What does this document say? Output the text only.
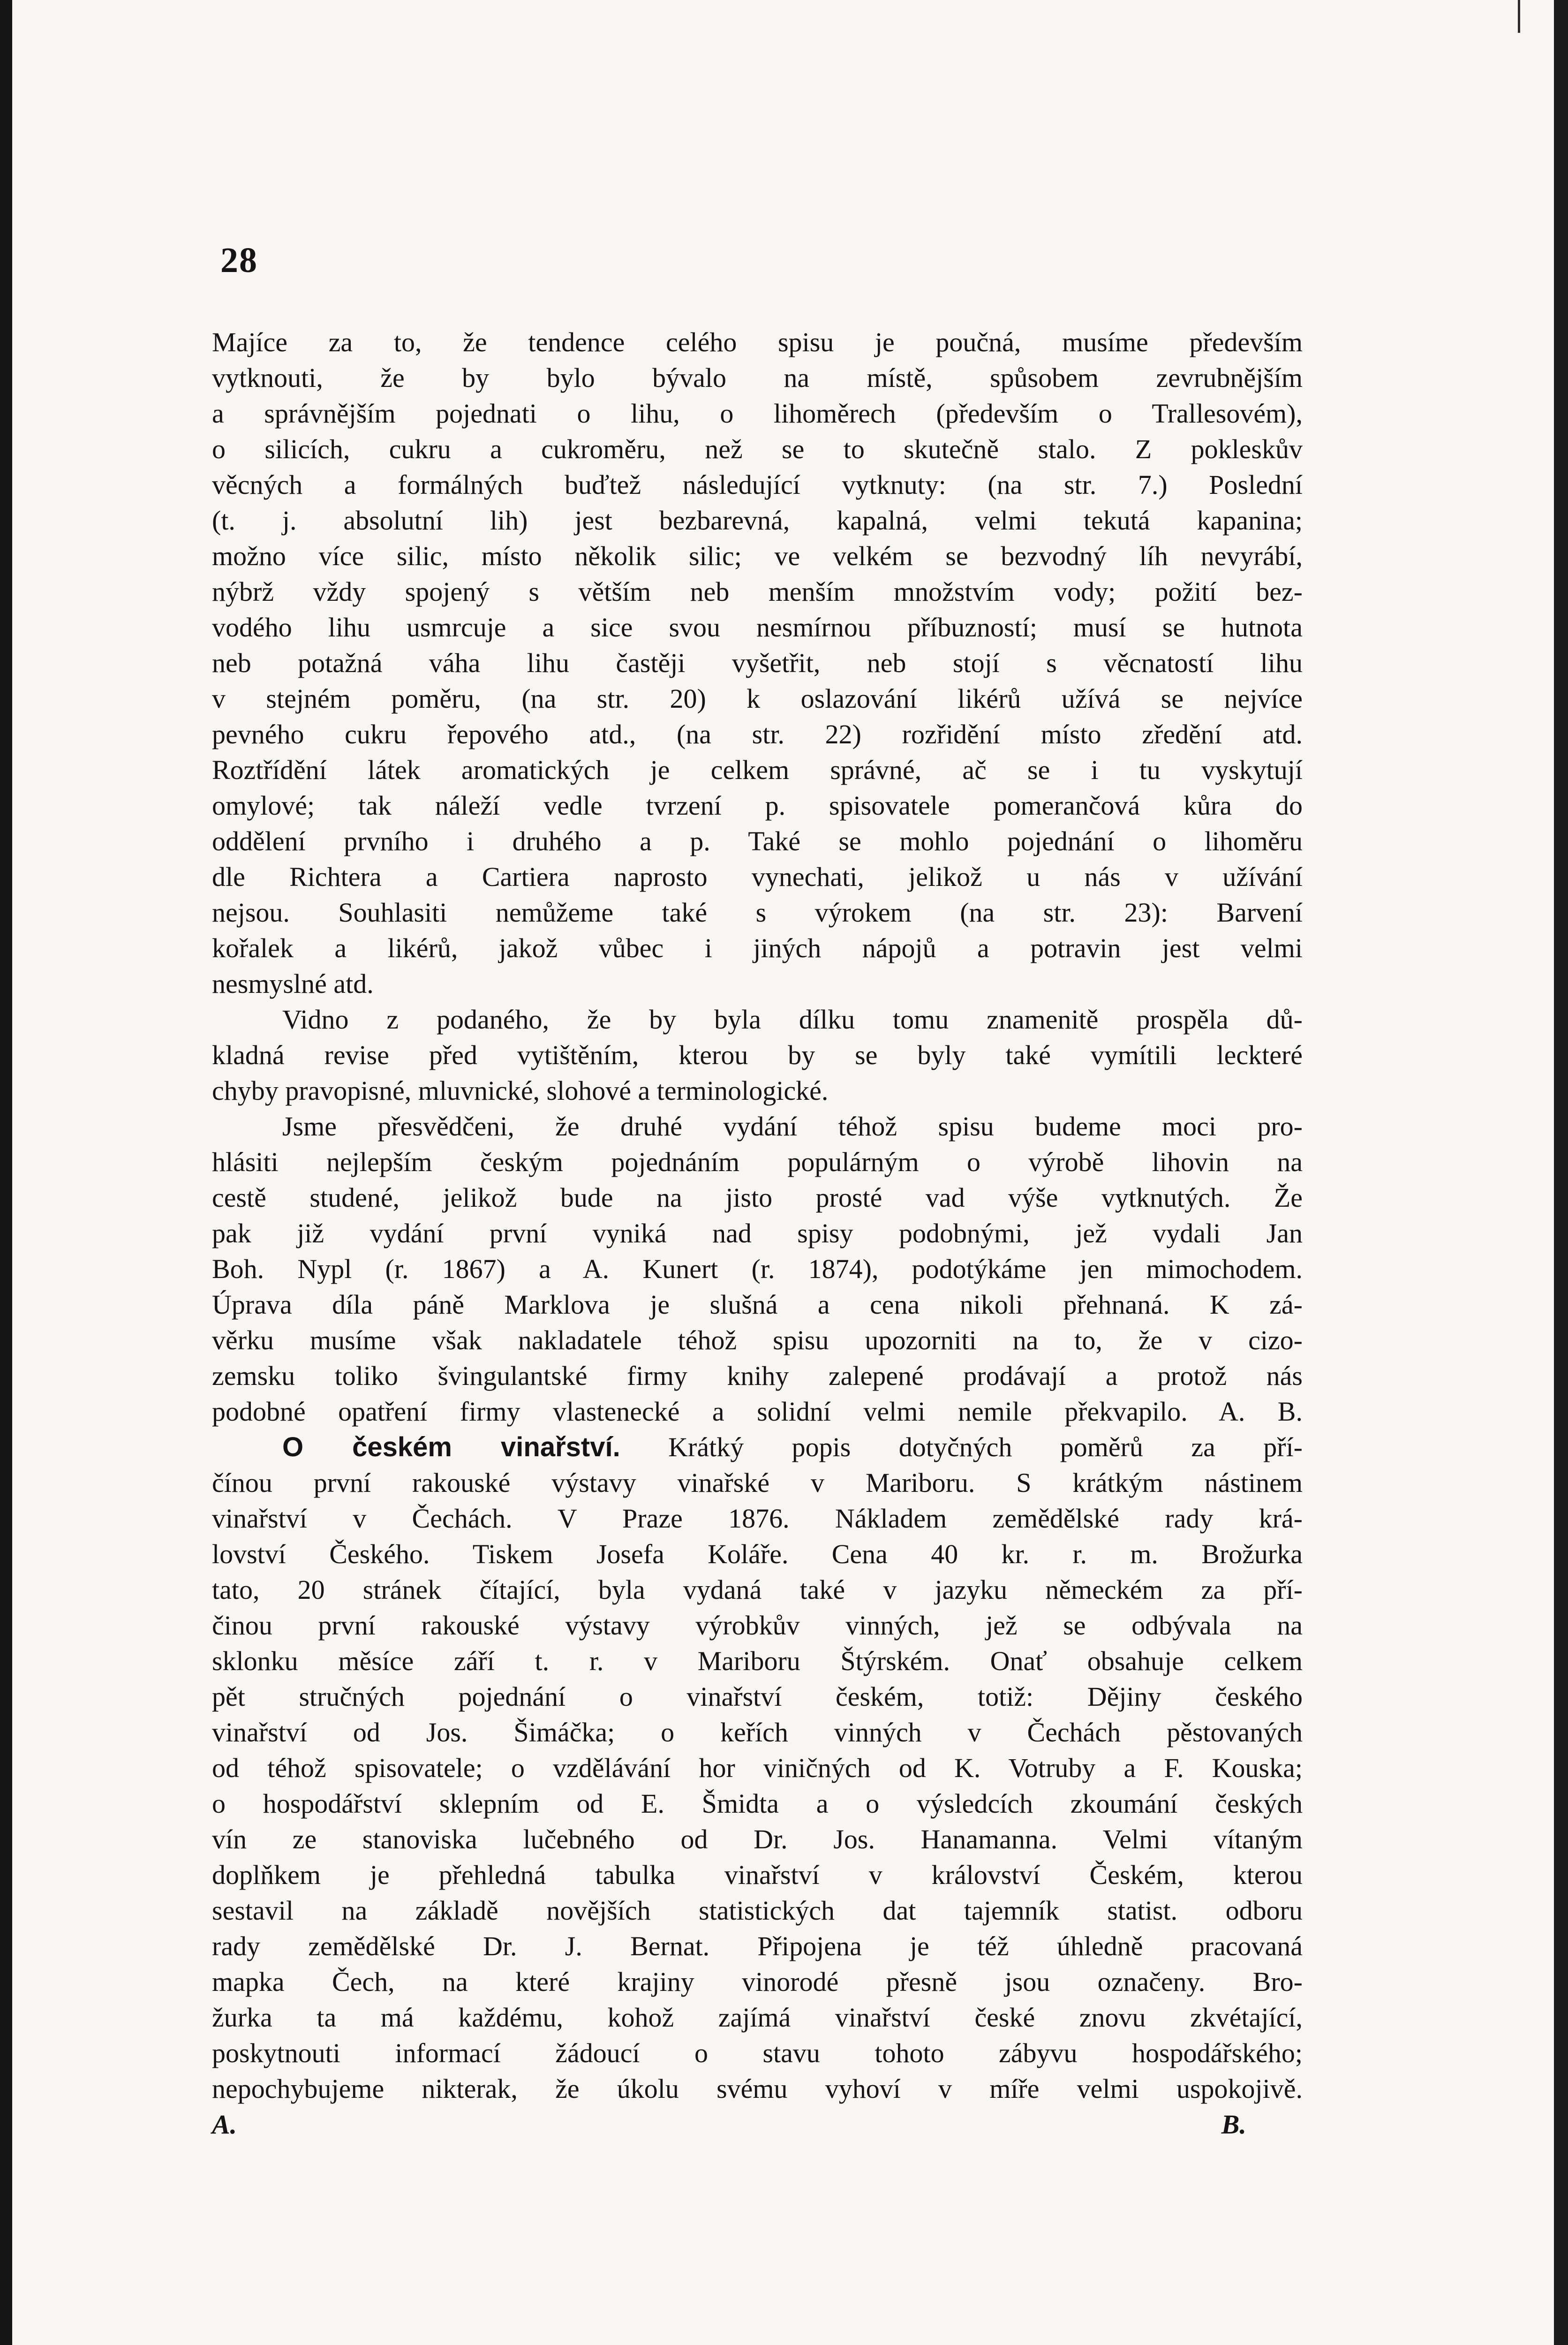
28

Majíce za to, že tendence celého spisu je poučná, musíme především

vytknouti, že by bylo bývalo na místě, spůsobem zevrubnějším

a správnějším pojednati o lihu, o lihoměrech (především o Trallesovém),

o silicích, cukru a cukroměru, než se to skutečně stalo. Z pokleskův

věcných a formálných buďtež následující vytknuty: (na str. 7.) Poslední

(t. j. absolutní lih) jest bezbarevná, kapalná, velmi tekutá kapanina;

možno více silic, místo několik silic; ve velkém se bezvodný líh nevyrábí,

nýbrž vždy spojený s větším neb menším množstvím vody; požití bez-

vodého lihu usmrcuje a sice svou nesmírnou příbuzností; musí se hutnota

neb potažná váha lihu častěji vyšetřit, neb stojí s věcnatostí lihu

v stejném poměru, (na str. 20) k oslazování likérů užívá se nejvíce

pevného cukru řepového atd., (na str. 22) rozřidění místo zředění atd.

Roztřídění látek aromatických je celkem správné, ač se i tu vyskytují

omylové; tak náleží vedle tvrzení p. spisovatele pomerančová kůra do

oddělení prvního i druhého a p. Také se mohlo pojednání o lihoměru

dle Richtera a Cartiera naprosto vynechati, jelikož u nás v užívání

nejsou. Souhlasiti nemůžeme také s výrokem (na str. 23): Barvení

kořalek a likérů, jakož vůbec i jiných nápojů a potravin jest velmi

nesmyslné atd.

Vidno z podaného, že by byla dílku tomu znamenitě prospěla dů-

kladná revise před vytištěním, kterou by se byly také vymítili leckteré

chyby pravopisné, mluvnické, slohové a terminologické.

Jsme přesvědčeni, že druhé vydání téhož spisu budeme moci pro-

hlásiti nejlepším českým pojednáním populárným o výrobě lihovin na

cestě studené, jelikož bude na jisto prosté vad výše vytknutých. Že

pak již vydání první vyniká nad spisy podobnými, jež vydali Jan

Boh. Nypl (r. 1867) a A. Kunert (r. 1874), podotýkáme jen mimochodem.

Úprava díla páně Marklova je slušná a cena nikoli přehnaná. K zá-

věrku musíme však nakladatele téhož spisu upozorniti na to, že v cizo-

zemsku toliko švingulantské firmy knihy zalepené prodávají a protož nás

podobné opatření firmy vlastenecké a solidní velmi nemile překvapilo. A. B.

O českém vinařství. Krátký popis dotyčných poměrů za pří-

čínou první rakouské výstavy vinařské v Mariboru. S krátkým nástinem

vinařství v Čechách. V Praze 1876. Nákladem zemědělské rady krá-

lovství Českého. Tiskem Josefa Koláře. Cena 40 kr. r. m. Brožurka

tato, 20 stránek čítající, byla vydaná také v jazyku německém za pří-

činou první rakouské výstavy výrobkův vinných, jež se odbývala na

sklonku měsíce září t. r. v Mariboru Štýrském. Onať obsahuje celkem

pět stručných pojednání o vinařství českém, totiž: Dějiny českého

vinařství od Jos. Šimáčka; o keřích vinných v Čechách pěstovaných

od téhož spisovatele; o vzdělávání hor viničných od K. Votruby a F. Kouska;

o hospodářství sklepním od E. Šmidta a o výsledcích zkoumání českých

vín ze stanoviska lučebného od Dr. Jos. Hanamanna. Velmi vítaným

doplňkem je přehledná tabulka vinařství v království Českém, kterou

sestavil na základě novějších statistických dat tajemník statist. odboru

rady zemědělské Dr. J. Bernat. Připojena je též úhledně pracovaná

mapka Čech, na které krajiny vinorodé přesně jsou označeny. Bro-

žurka ta má každému, kohož zajímá vinařství české znovu zkvétající,

poskytnouti informací žádoucí o stavu tohoto zábyvu hospodářského;

nepochybujeme nikterak, že úkolu svému vyhoví v míře velmi uspokojivě.

A. B.
